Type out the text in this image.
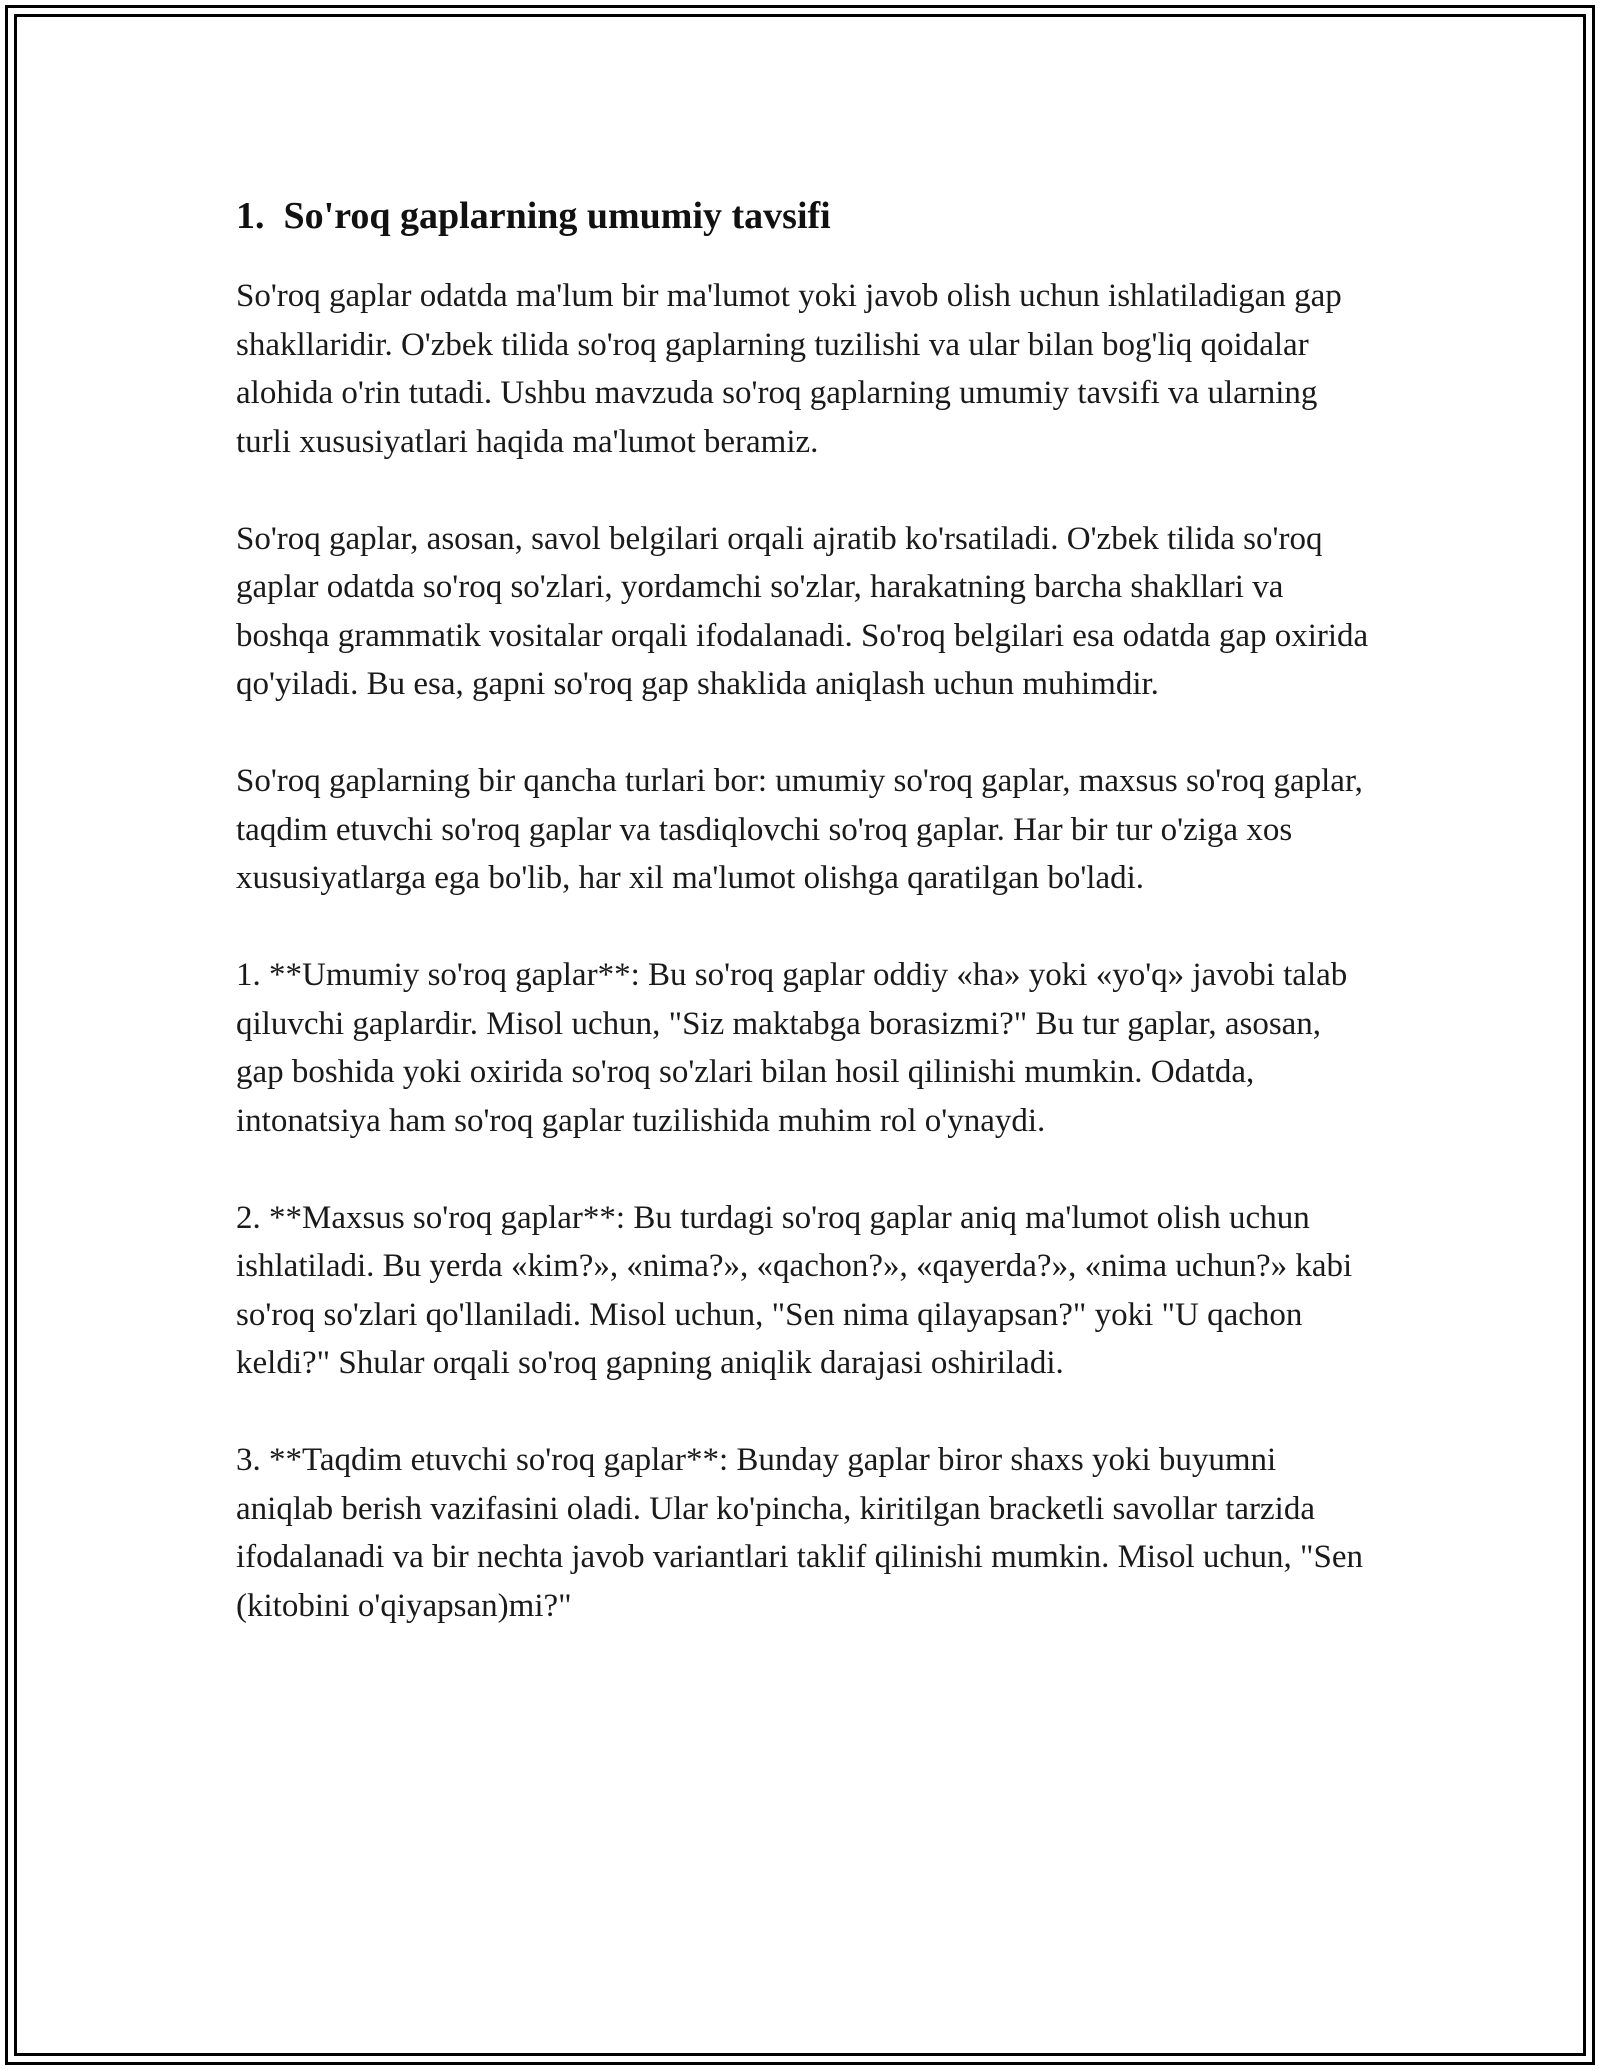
1.  So'roq gaplarning umumiy tavsifi

So'roq gaplar odatda ma'lum bir ma'lumot yoki javob olish uchun ishlatiladigan gap shakllaridir. O'zbek tilida so'roq gaplarning tuzilishi va ular bilan bog'liq qoidalar alohida o'rin tutadi. Ushbu mavzuda so'roq gaplarning umumiy tavsifi va ularning turli xususiyatlari haqida ma'lumot beramiz.

So'roq gaplar, asosan, savol belgilari orqali ajratib ko'rsatiladi. O'zbek tilida so'roq gaplar odatda so'roq so'zlari, yordamchi so'zlar, harakatning barcha shakllari va boshqa grammatik vositalar orqali ifodalanadi. So'roq belgilari esa odatda gap oxirida qo'yiladi. Bu esa, gapni so'roq gap shaklida aniqlash uchun muhimdir.

So'roq gaplarning bir qancha turlari bor: umumiy so'roq gaplar, maxsus so'roq gaplar, taqdim etuvchi so'roq gaplar va tasdiqlovchi so'roq gaplar. Har bir tur o'ziga xos xususiyatlarga ega bo'lib, har xil ma'lumot olishga qaratilgan bo'ladi.

1. **Umumiy so'roq gaplar**: Bu so'roq gaplar oddiy «ha» yoki «yo'q» javobi talab qiluvchi gaplardir. Misol uchun, "Siz maktabga borasizmi?" Bu tur gaplar, asosan, gap boshida yoki oxirida so'roq so'zlari bilan hosil qilinishi mumkin. Odatda, intonatsiya ham so'roq gaplar tuzilishida muhim rol o'ynaydi.

2. **Maxsus so'roq gaplar**: Bu turdagi so'roq gaplar aniq ma'lumot olish uchun ishlatiladi. Bu yerda «kim?», «nima?», «qachon?», «qayerda?», «nima uchun?» kabi so'roq so'zlari qo'llaniladi. Misol uchun, "Sen nima qilayapsan?" yoki "U qachon keldi?" Shular orqali so'roq gapning aniqlik darajasi oshiriladi.

3. **Taqdim etuvchi so'roq gaplar**: Bunday gaplar biror shaxs yoki buyumni aniqlab berish vazifasini oladi. Ular ko'pincha, kiritilgan bracketli savollar tarzida ifodalanadi va bir nechta javob variantlari taklif qilinishi mumkin. Misol uchun, "Sen (kitobini o'qiyapsan)mi?"
